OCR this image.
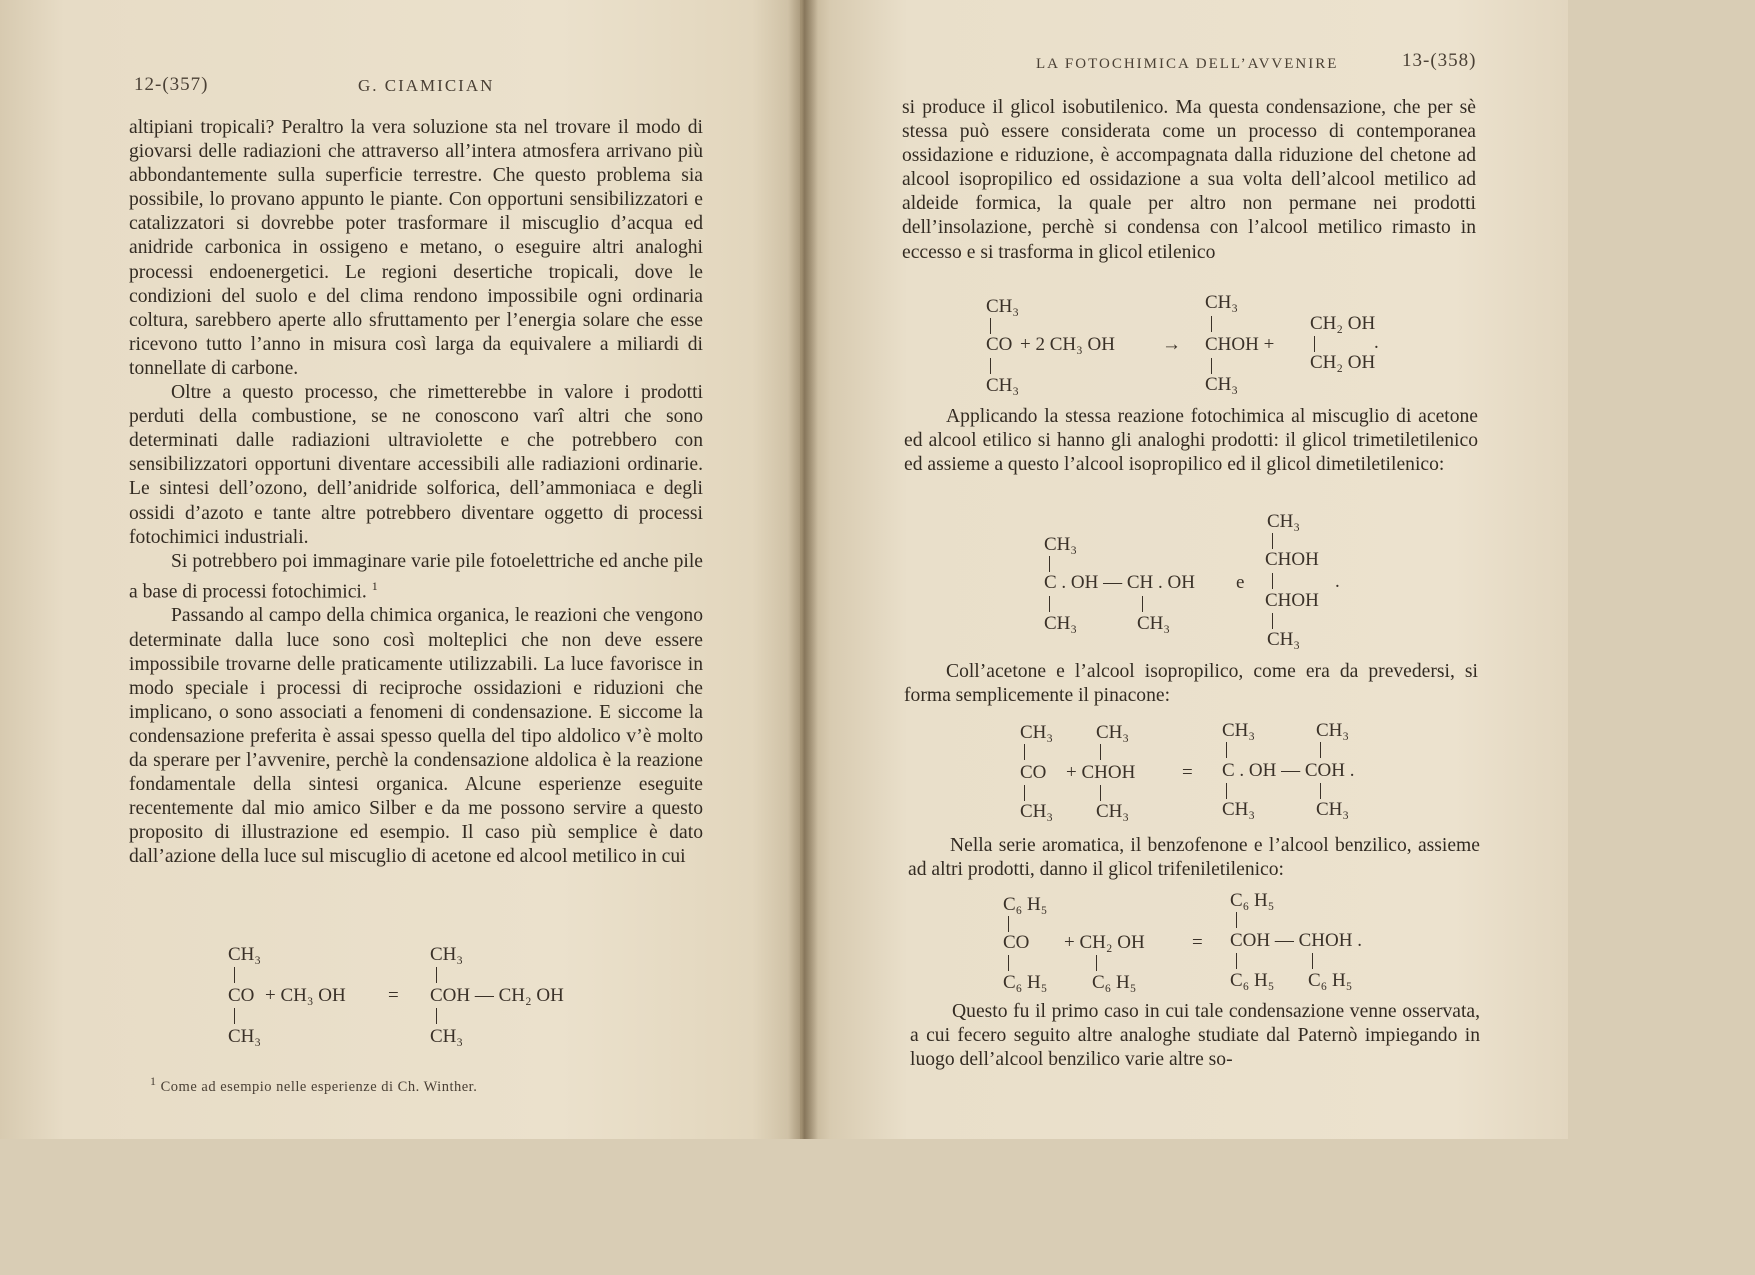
12-(357)	G. CIAMICIAN

altipiani tropicali? Peraltro la vera soluzione sta nel trovare il modo di giovarsi delle radiazioni che attraverso all’intera atmosfera arrivano più abbondantemente sulla superficie terrestre. Che questo problema sia possibile, lo provano appunto le piante. Con opportuni sensibilizzatori e catalizzatori si dovrebbe poter trasformare il miscuglio d’acqua ed anidride carbonica in ossigeno e metano, o eseguire altri analoghi processi endoenergetici. Le regioni desertiche tropicali, dove le condizioni del suolo e del clima rendono impossibile ogni ordinaria coltura, sarebbero aperte allo sfruttamento per l’energia solare che esse ricevono tutto l’anno in misura così larga da equivalere a miliardi di tonnellate di carbone.

Oltre a questo processo, che rimetterebbe in valore i prodotti perduti della combustione, se ne conoscono varî altri che sono determinati dalle radiazioni ultraviolette e che potrebbero con sensibilizzatori opportuni diventare accessibili alle radiazioni ordinarie. Le sintesi dell’ozono, dell’anidride solforica, dell’ammoniaca e degli ossidi d’azoto e tante altre potrebbero diventare oggetto di processi fotochimici industriali.

Si potrebbero poi immaginare varie pile fotoelettriche ed anche pile a base di processi fotochimici. $^1$

Passando al campo della chimica organica, le reazioni che vengono determinate dalla luce sono così molteplici che non deve essere impossibile trovarne delle praticamente utilizzabili. La luce favorisce in modo speciale i processi di reciproche ossidazioni e riduzioni che implicano, o sono associati a fenomeni di condensazione. E siccome la condensazione preferita è assai spesso quella del tipo aldolico v’è molto da sperare per l’avvenire, perchè la condensazione aldolica è la reazione fondamentale della sintesi organica. Alcune esperienze eseguite recentemente dal mio amico Silber e da me possono servire a questo proposito di illustrazione ed esempio. Il caso più semplice è dato dall’azione della luce sul miscuglio di acetone ed alcool metilico in cui

CH₃
CO + CH₃ OH
CH₃
=
CH₃
COH — CH₂ OH
CH₃
$^1$ Come ad esempio nelle esperienze di Ch. Winther.
LA FOTOCHIMICA DELL’AVVENIRE	13-(358)
si produce il glicol isobutilenico. Ma questa condensazione, che per sè stessa può essere considerata come un processo di contemporanea ossidazione e riduzione, è accompagnata dalla riduzione del chetone ad alcool isopropilico ed ossidazione a sua volta dell’alcool metilico ad aldeide formica, la quale per altro non permane nei prodotti dell’insolazione, perchè si condensa con l’alcool metilico rimasto in eccesso e si trasforma in glicol etilenico
CH₃
CO + 2 CH₃ OH
CH₃
→
CH₃
CHOH +
CH₃
CH₂ OH
.
CH₂ OH

Applicando la stessa reazione fotochimica al miscuglio di acetone ed alcool etilico si hanno gli analoghi prodotti: il glicol trimetiletilenico ed assieme a questo l’alcool isopropilico ed il glicol dimetiletilenico:

CH₃
C . OH — CH . OH
CH₃	CH₃
e
CH₃
CHOH
.
CHOH
CH₃

Coll’acetone e l’alcool isopropilico, come era da prevedersi, si forma semplicemente il pinacone:

CH₃ CH₃
CO + CHOH =
CH₃ CH₃
CH₃	CH₃
C . OH — COH .
CH₃	CH₃

Nella serie aromatica, il benzofenone e l’alcool benzilico, assieme ad altri prodotti, danno il glicol trifeniletilenico:

C₆ H₅
CO + CH₂ OH =
C₆ H₅ C₆ H₅
C₆ H₅
COH — CHOH .
C₆ H₅ C₆ H₅

Questo fu il primo caso in cui tale condensazione venne osservata, a cui fecero seguito altre analoghe studiate dal Paternò impiegando in luogo dell’alcool benzilico varie altre so-
